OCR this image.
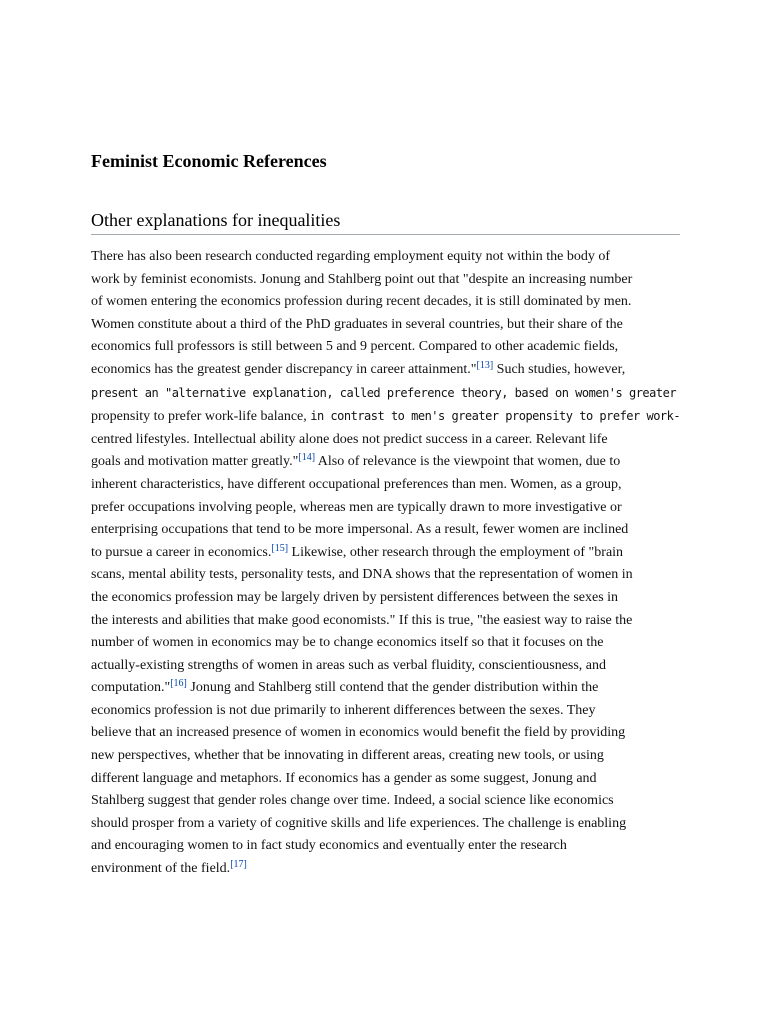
Feminist Economic References
Other explanations for inequalities
There has also been research conducted regarding employment equity not within the body of
work by feminist economists. Jonung and Stahlberg point out that "despite an increasing number
of women entering the economics profession during recent decades, it is still dominated by men.
Women constitute about a third of the PhD graduates in several countries, but their share of the
economics full professors is still between 5 and 9 percent. Compared to other academic fields,
economics has the greatest gender discrepancy in career attainment."[13] Such studies, however,
present an "alternative explanation, called preference theory, based on women's greater
propensity to prefer work-life balance, in contrast to men's greater propensity to prefer work-
centred lifestyles. Intellectual ability alone does not predict success in a career. Relevant life
goals and motivation matter greatly."[14] Also of relevance is the viewpoint that women, due to
inherent characteristics, have different occupational preferences than men. Women, as a group,
prefer occupations involving people, whereas men are typically drawn to more investigative or
enterprising occupations that tend to be more impersonal. As a result, fewer women are inclined
to pursue a career in economics.[15] Likewise, other research through the employment of "brain
scans, mental ability tests, personality tests, and DNA shows that the representation of women in
the economics profession may be largely driven by persistent differences between the sexes in
the interests and abilities that make good economists." If this is true, "the easiest way to raise the
number of women in economics may be to change economics itself so that it focuses on the
actually-existing strengths of women in areas such as verbal fluidity, conscientiousness, and
computation."[16] Jonung and Stahlberg still contend that the gender distribution within the
economics profession is not due primarily to inherent differences between the sexes. They
believe that an increased presence of women in economics would benefit the field by providing
new perspectives, whether that be innovating in different areas, creating new tools, or using
different language and metaphors. If economics has a gender as some suggest, Jonung and
Stahlberg suggest that gender roles change over time. Indeed, a social science like economics
should prosper from a variety of cognitive skills and life experiences. The challenge is enabling
and encouraging women to in fact study economics and eventually enter the research
environment of the field.[17]
